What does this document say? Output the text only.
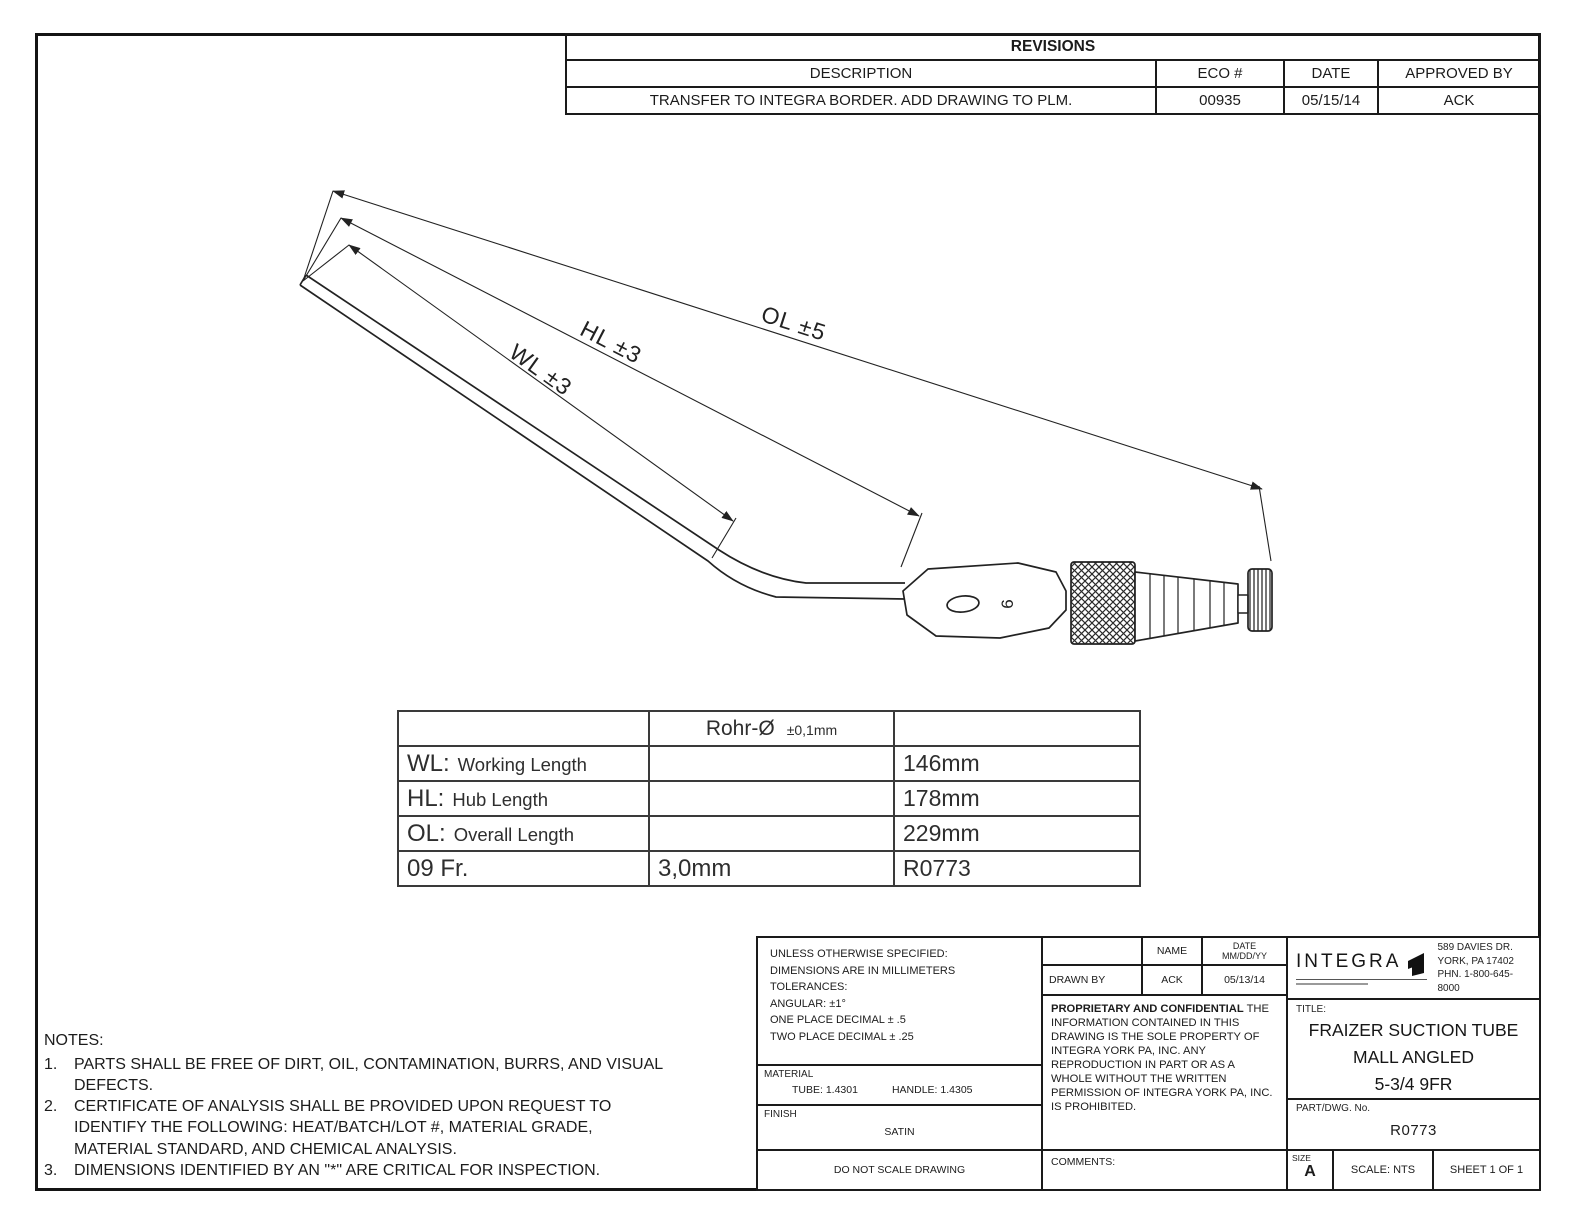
9
OL ±5
HL ±3
WL ±3
REVISIONS			
DESCRIPTION	ECO #	DATE	APPROVED BY
TRANSFER TO INTEGRA BORDER. ADD DRAWING TO PLM.	00935	05/15/14	ACK
	Rohr-Ø ±0,1mm	
WL: Working Length		146mm
HL: Hub Length		178mm
OL: Overall Length		229mm
09 Fr.	3,0mm	R0773
NOTES:
1.	PARTS SHALL BE FREE OF DIRT, OIL, CONTAMINATION, BURRS, AND VISUAL DEFECTS.
2.	CERTIFICATE OF ANALYSIS SHALL BE PROVIDED UPON REQUEST TO IDENTIFY THE FOLLOWING: HEAT/BATCH/LOT #, MATERIAL GRADE, MATERIAL STANDARD, AND CHEMICAL ANALYSIS.
3.	DIMENSIONS IDENTIFIED BY AN "*" ARE CRITICAL FOR INSPECTION.
UNLESS OTHERWISE SPECIFIED:
DIMENSIONS ARE IN MILLIMETERS
TOLERANCES:
ANGULAR: ±1°
ONE PLACE DECIMAL ± .5
TWO PLACE DECIMAL ± .25
MATERIAL
TUBE: 1.4301	HANDLE: 1.4305
FINISH
SATIN
DO NOT SCALE DRAWING
NAME	DATE
MM/DD/YY
DRAWN BY	ACK	05/13/14
PROPRIETARY AND CONFIDENTIAL THE INFORMATION CONTAINED IN THIS DRAWING IS THE SOLE PROPERTY OF INTEGRA YORK PA, INC. ANY REPRODUCTION IN PART OR AS A WHOLE WITHOUT THE WRITTEN PERMISSION OF INTEGRA YORK PA, INC. IS PROHIBITED.
COMMENTS:
INTEGRA
589 DAVIES DR.
YORK, PA 17402
PHN. 1-800-645-8000
TITLE:
FRAIZER SUCTION TUBE
MALL ANGLED
5-3/4 9FR
PART/DWG. No.
R0773
SIZE
A	SCALE: NTS	SHEET 1 OF 1
